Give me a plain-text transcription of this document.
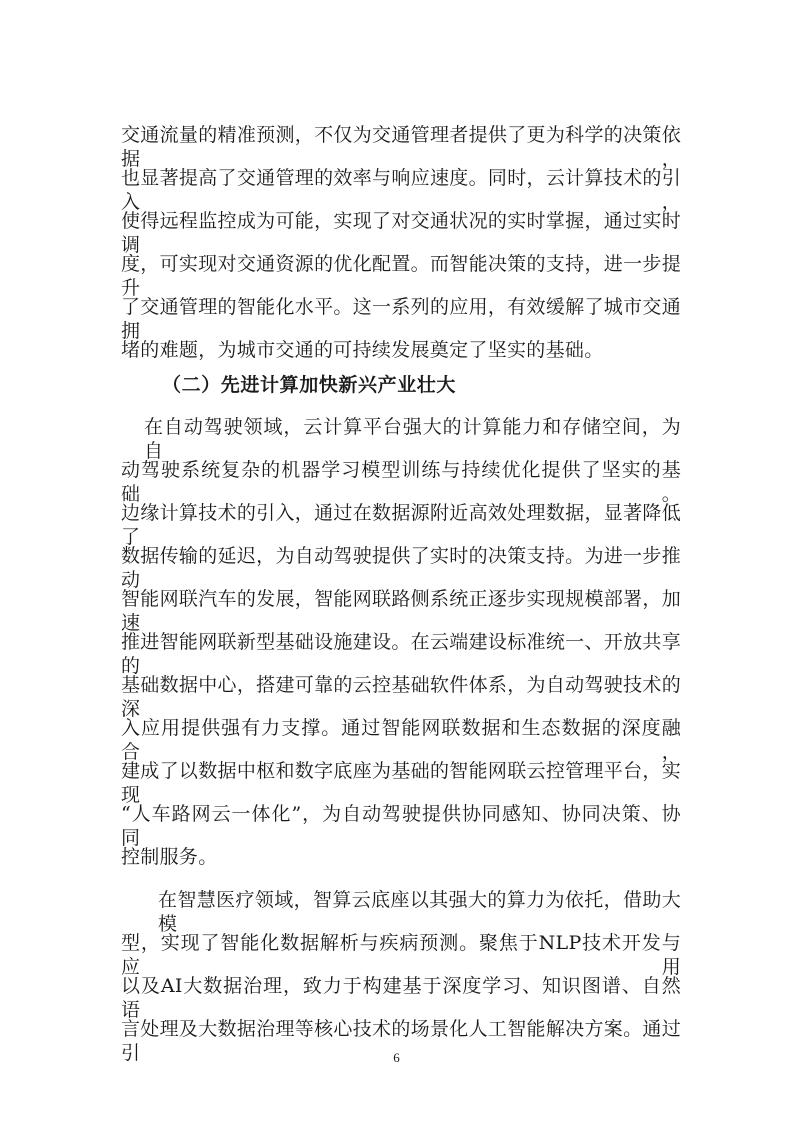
交通流量的精准预测，不仅为交通管理者提供了更为科学的决策依据，
也显著提高了交通管理的效率与响应速度。同时，云计算技术的引入，
使得远程监控成为可能，实现了对交通状况的实时掌握，通过实时调
度，可实现对交通资源的优化配置。而智能决策的支持，进一步提升
了交通管理的智能化水平。这一系列的应用，有效缓解了城市交通拥
堵的难题，为城市交通的可持续发展奠定了坚实的基础。
（二）先进计算加快新兴产业壮大
在自动驾驶领域，云计算平台强大的计算能力和存储空间，为自
动驾驶系统复杂的机器学习模型训练与持续优化提供了坚实的基础。
边缘计算技术的引入，通过在数据源附近高效处理数据，显著降低了
数据传输的延迟，为自动驾驶提供了实时的决策支持。为进一步推动
智能网联汽车的发展，智能网联路侧系统正逐步实现规模部署，加速
推进智能网联新型基础设施建设。在云端建设标准统一、开放共享的
基础数据中心，搭建可靠的云控基础软件体系，为自动驾驶技术的深
入应用提供强有力支撑。通过智能网联数据和生态数据的深度融合，
建成了以数据中枢和数字底座为基础的智能网联云控管理平台，实现
“人车路网云一体化”，为自动驾驶提供协同感知、协同决策、协同
控制服务。
在智慧医疗领域，智算云底座以其强大的算力为依托，借助大模
型，实现了智能化数据解析与疾病预测。聚焦于NLP技术开发与应用
以及AI大数据治理，致力于构建基于深度学习、知识图谱、自然语
言处理及大数据治理等核心技术的场景化人工智能解决方案。通过引	6
